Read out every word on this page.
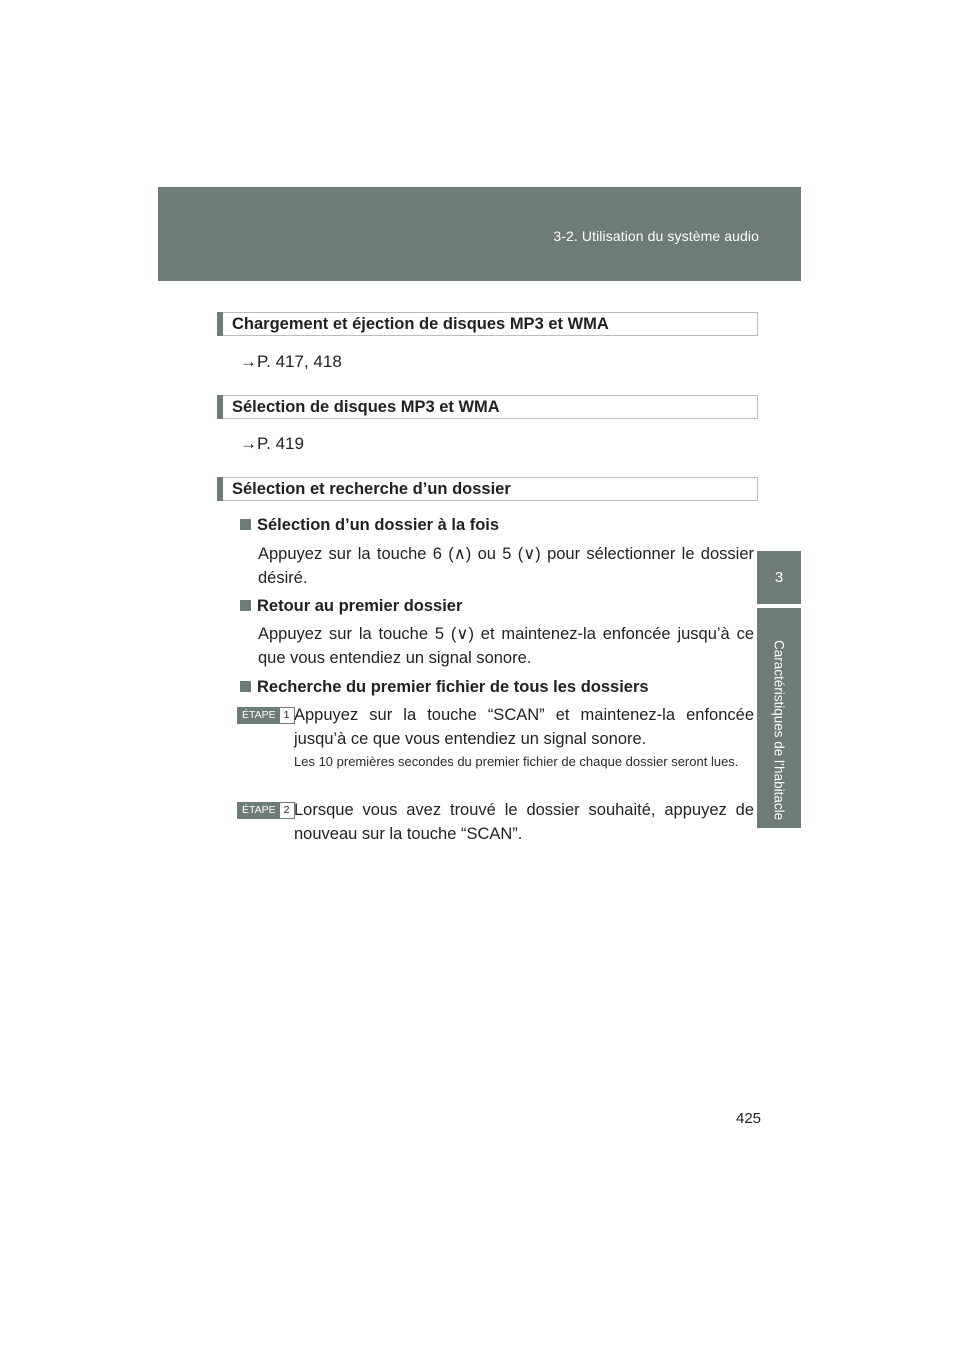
3-2. Utilisation du système audio
3
Caractéristiques de l’habitacle
Chargement et éjection de disques MP3 et WMA
→P. 417, 418
Sélection de disques MP3 et WMA
→P. 419
Sélection et recherche d’un dossier
Sélection d’un dossier à la fois
Appuyez sur la touche 6 (∧) ou 5 (∨) pour sélectionner le dossier désiré.
Retour au premier dossier
Appuyez sur la touche 5 (∨) et maintenez-la enfoncée jusqu’à ce que vous entendiez un signal sonore.
Recherche du premier fichier de tous les dossiers
ÉTAPE 1 Appuyez sur la touche “SCAN” et maintenez-la enfoncée jusqu’à ce que vous entendiez un signal sonore.
Les 10 premières secondes du premier fichier de chaque dossier seront lues.
ÉTAPE 2 Lorsque vous avez trouvé le dossier souhaité, appuyez de nouveau sur la touche “SCAN”.
425
